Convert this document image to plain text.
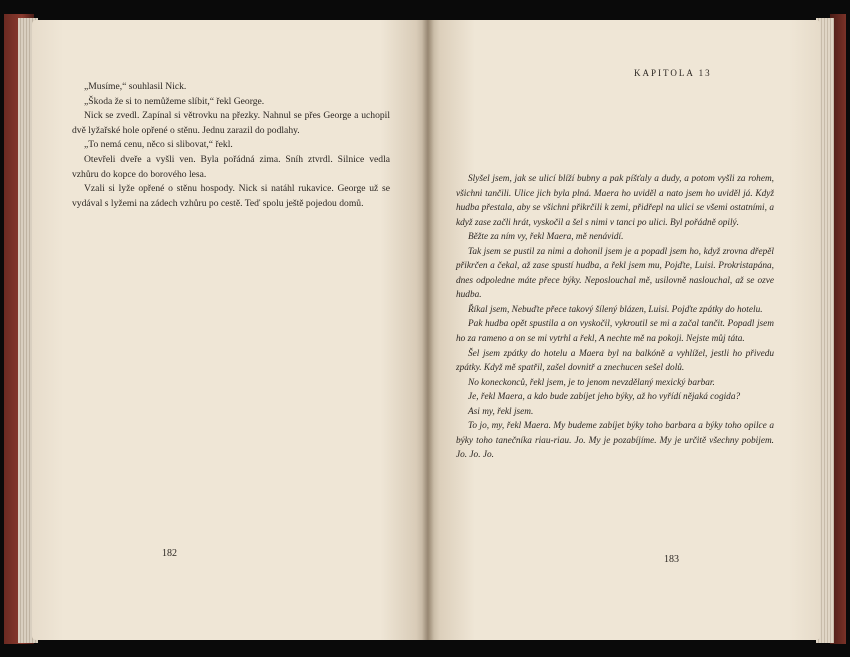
„Musíme,“ souhlasil Nick.

„Škoda že si to nemůžeme slíbit,“ řekl George.

Nick se zvedl. Zapínal si větrovku na přezky. Nahnul se přes George a uchopil dvě lyžařské hole opřené o stěnu. Jednu zarazil do podlahy.

„To nemá cenu, něco si slibovat,“ řekl.

Otevřeli dveře a vyšli ven. Byla pořádná zima. Sníh ztvrdl. Silnice vedla vzhůru do kopce do borového lesa.

Vzali si lyže opřené o stěnu hospody. Nick si natáhl rukavice. George už se vydával s lyžemi na zádech vzhůru po cestě. Teď spolu ještě pojedou domů.

182
KAPITOLA 13

Slyšel jsem, jak se ulicí blíží bubny a pak píšťaly a dudy, a potom vyšli za rohem, všichni tančili. Ulice jich byla plná. Maera ho uviděl a nato jsem ho uviděl já. Když hudba přestala, aby se všichni přikrčili k zemi, přidřepl na ulici se všemi ostatními, a když zase začli hrát, vyskočil a šel s nimi v tanci po ulici. Byl pořádně opilý.

Běžte za ním vy, řekl Maera, mě nenávidí.

Tak jsem se pustil za nimi a dohonil jsem je a popadl jsem ho, když zrovna dřepěl přikrčen a čekal, až zase spustí hudba, a řekl jsem mu, Pojďte, Luisi. Prokristapána, dnes odpoledne máte přece býky. Neposlouchal mě, usilovně naslouchal, až se ozve hudba.

Říkal jsem, Nebuďte přece takový šílený blázen, Luisi. Pojďte zpátky do hotelu.

Pak hudba opět spustila a on vyskočil, vykroutil se mi a začal tančit. Popadl jsem ho za rameno a on se mi vytrhl a řekl, A nechte mě na pokoji. Nejste můj táta.

Šel jsem zpátky do hotelu a Maera byl na balkóně a vyhlížel, jestli ho přivedu zpátky. Když mě spatřil, zašel dovnitř a znechucen sešel dolů.

No koneckonců, řekl jsem, je to jenom nevzdělaný mexický barbar.

Je, řekl Maera, a kdo bude zabíjet jeho býky, až ho vyřídí nějaká cogida?

Asi my, řekl jsem.

To jo, my, řekl Maera. My budeme zabíjet býky toho barbara a býky toho opilce a býky toho tanečníka riau-riau. Jo. My je pozabíjíme. My je určitě všechny pobijem. Jo. Jo. Jo.

183
